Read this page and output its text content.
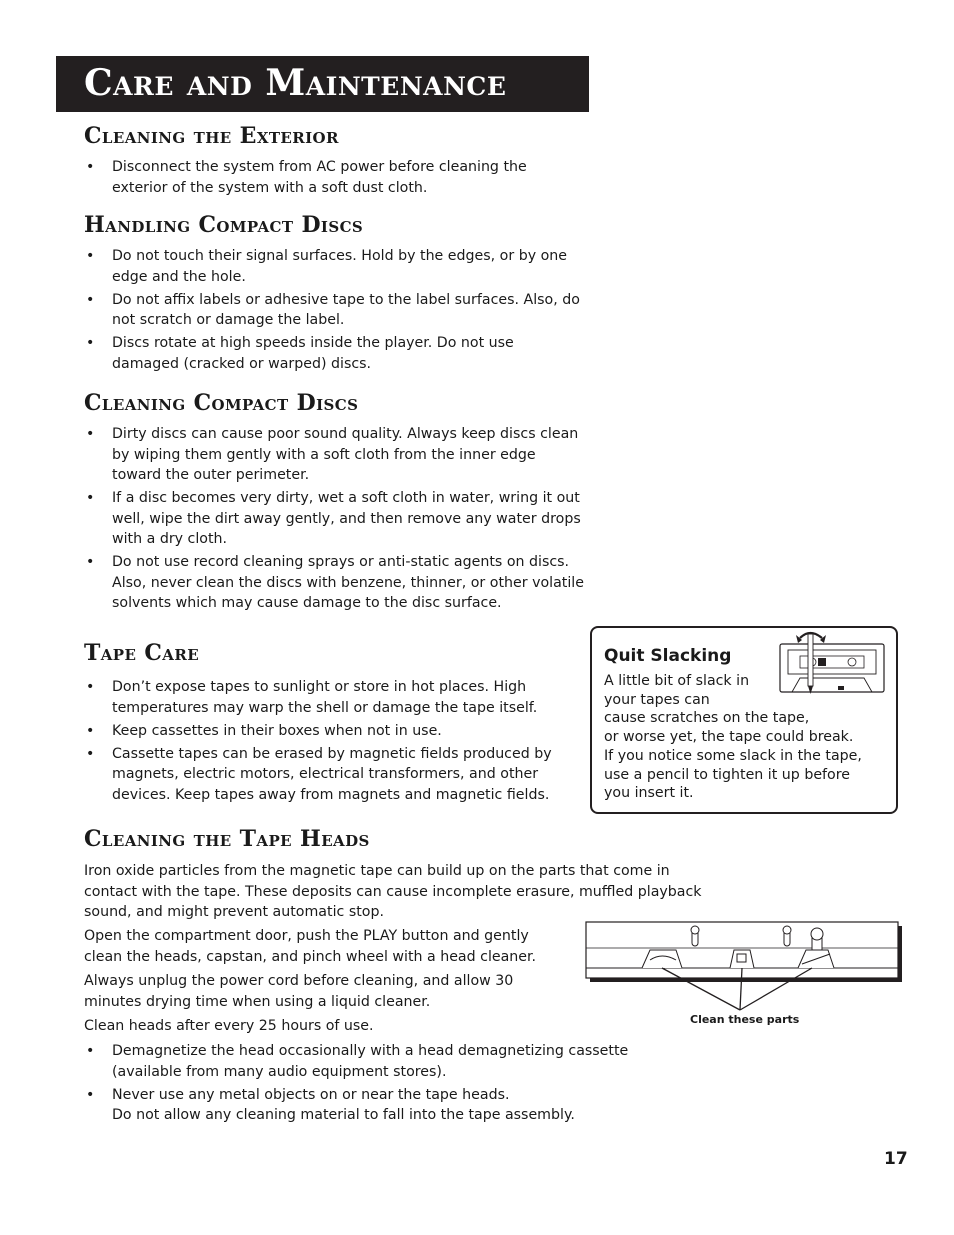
Care and Maintenance
Cleaning the Exterior
• Disconnect the system from AC power before cleaning the exterior of the system with a soft dust cloth.
Handling Compact Discs
• Do not touch their signal surfaces. Hold by the edges, or by one edge and the hole.
• Do not affix labels or adhesive tape to the label surfaces. Also, do not scratch or damage the label.
• Discs rotate at high speeds inside the player. Do not use damaged (cracked or warped) discs.
Cleaning Compact Discs
• Dirty discs can cause poor sound quality. Always keep discs clean by wiping them gently with a soft cloth from the inner edge toward the outer perimeter.
• If a disc becomes very dirty, wet a soft cloth in water, wring it out well, wipe the dirt away gently, and then remove any water drops with a dry cloth.
• Do not use record cleaning sprays or anti-static agents on discs. Also, never clean the discs with benzene, thinner, or other volatile solvents which may cause damage to the disc surface.
Tape Care
• Don’t expose tapes to sunlight or store in hot places. High temperatures may warp the shell or damage the tape itself.
• Keep cassettes in their boxes when not in use.
• Cassette tapes can be erased by magnetic fields produced by magnets, electric motors, electrical transformers, and other devices. Keep tapes away from magnets and magnetic fields.
Quit Slacking
A little bit of slack in
your tapes can
cause scratches on the tape,
or worse yet, the tape could break.
If you notice some slack in the tape,
use a pencil to tighten it up before
you insert it.
Cleaning the Tape Heads
Iron oxide particles from the magnetic tape can build up on the parts that come in contact with the tape. These deposits can cause incomplete erasure, muffled playback sound, and might prevent automatic stop.
Open the compartment door, push the PLAY button and gently clean the heads, capstan, and pinch wheel with a head cleaner.
Always unplug the power cord before cleaning, and allow 30 minutes drying time when using a liquid cleaner.
Clean heads after every 25 hours of use.
• Demagnetize the head occasionally with a head demagnetizing cassette (available from many audio equipment stores).
• Never use any metal objects on or near the tape heads.
Do not allow any cleaning material to fall into the tape assembly.
Clean these parts
17
